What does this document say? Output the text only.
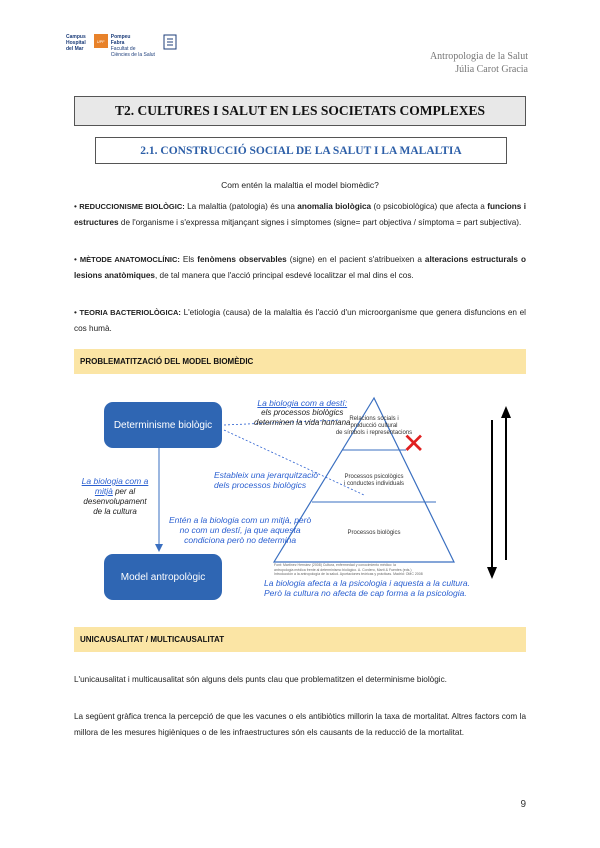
Campus
Hospital
del Mar
UPF
Pompeu
Fabra
Facultat de
Ciències de la Salut	Antropologia de la Salut
Júlia Carot Gracia
T2. CULTURES I SALUT EN LES SOCIETATS COMPLEXES
2.1. CONSTRUCCIÓ SOCIAL DE LA SALUT I LA MALALTIA
Com entén la malaltia el model biomèdic?
• REDUCCIONISME BIOLÒGIC: La malaltia (patologia) és una anomalia biològica (o psicobiològica) que afecta a funcions i estructures de l'organisme i s'expressa mitjançant signes i símptomes (signe= part objectiva / símptoma = part subjectiva).
• MÈTODE ANATOMOCLÍNIC: Els fenòmens observables (signe) en el pacient s'atribueixen a alteracions estructurals o lesions anatòmiques, de tal manera que l'acció principal esdevé localitzar el mal dins el cos.
• TEORIA BACTERIOLÒGICA: L'etiologia (causa) de la malaltia és l'acció d'un microorganisme que genera disfuncions en el cos humà.
PROBLEMATITZACIÓ DEL MODEL BIOMÈDIC
Determinisme biològic
Model antropològic
La biologia com a destí:
els processos biològics
determinen la vida humana
La biologia com a
mitjà per al
desenvolupament
de la cultura
Estableix una jerarquització
dels processos biològics
Entén a la biologia com un mitjà, però
no com un destí, ja que aquesta
condiciona però no determina
Relacions socials i
producció cultural
de símbols i representacions
Processos psicològics
i conductes individuals
Processos biològics
✕
Font: Martínez Hernáez (2008) Cultura, enfermedad y conocimiento médico: la
antropología médica frente al determinismo biológico. A. Cordero, Martí & Fuentes (eds.)
Introducción a la antropología de la salud. Aportaciones teóricas y prácticas. Madrid: OMC 2008
La biologia afecta a la psicologia i aquesta a la cultura.
Però la cultura no afecta de cap forma a la psicologia.
UNICAUSALITAT / MULTICAUSALITAT
L'unicausalitat i multicausalitat són alguns dels punts clau que problematitzen el determinisme biològic.
La següent gràfica trenca la percepció de que les vacunes o els antibiòtics millorin la taxa de mortalitat. Altres factors com la millora de les mesures higièniques o de les infraestructures són els causants de la reducció de la mortalitat.
9
